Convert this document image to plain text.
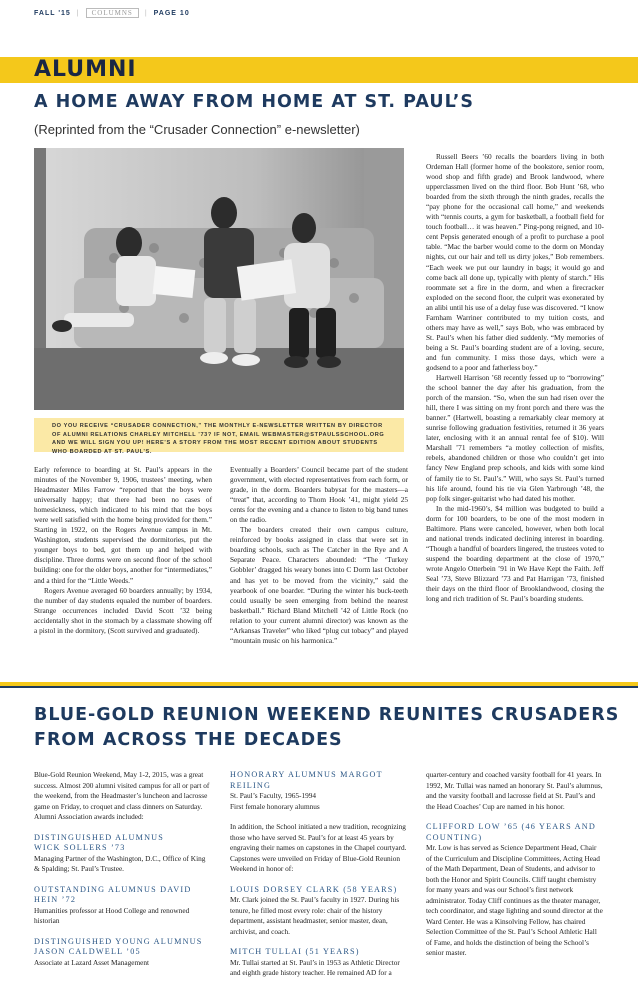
FALL '15 |	COLUMNS	| PAGE 10
ALUMNI
A HOME AWAY FROM HOME AT ST. PAUL’S
(Reprinted from the “Crusader Connection” e-newsletter)
DO YOU RECEIVE “CRUSADER CONNECTION,” THE MONTHLY E-NEWSLETTER WRITTEN BY DIRECTOR OF ALUMNI RELATIONS CHARLEY MITCHELL ’73? IF NOT, EMAIL WEBMASTER@STPAULSSCHOOL.ORG AND WE WILL SIGN YOU UP! HERE’S A STORY FROM THE MOST RECENT EDITION ABOUT STUDENTS WHO BOARDED AT ST. PAUL’S.

Early reference to boarding at St. Paul’s appears in the minutes of the November 9, 1906, trustees’ meeting, when Headmaster Miles Farrow “reported that the boys were universally happy; that there had been no cases of homesickness, which indicated to his mind that the boys were well satisfied with the home being provided for them.” Starting in 1922, on the Rogers Avenue campus in Mt. Washington, students supervised the dormitories, put the younger boys to bed, got them up and helped with discipline. Three dorms were on second floor of the school building: one for the older boys, another for “intermediates,” and a third for the “Little Weeds.”

Rogers Avenue averaged 60 boarders annually; by 1934, the number of day students equaled the number of boarders. Strange occurrences included David Scott ’32 being accidentally shot in the stomach by a classmate showing off a pistol in the dormitory, (Scott survived and graduated).

Eventually a Boarders’ Council became part of the student government, with elected representatives from each form, or grade, in the dorm. Boarders babysat for the masters—a “treat” that, according to Thom Hook ’41, might yield 25 cents for the evening and a chance to listen to big band tunes on the radio.

The boarders created their own campus culture, reinforced by books assigned in class that were set in boarding schools, such as The Catcher in the Rye and A Separate Peace. Characters abounded: “The ‘Turkey Gobbler’ dragged his weary bones into C Dorm last October and has yet to be moved from the vicinity,” said the yearbook of one boarder. “During the winter his buck-teeth could usually be seen emerging from behind the nearest basketball.” Richard Bland Mitchell ’42 of Little Rock (no relation to your current alumni director) was known as the “Arkansas Traveler” who liked “plug cut tobacy” and played “mountain music on his harmonica.”

Russell Beers ’60 recalls the boarders living in both Ordeman Hall (former home of the bookstore, senior room, wood shop and fifth grade) and Brook landwood, where upperclassmen lived on the third floor. Bob Hunt ’68, who boarded from the sixth through the ninth grades, recalls the “pay phone for the occasional call home,” and weekends with “tennis courts, a gym for basketball, a football field for touch football… it was heaven.” Ping-pong reigned, and 10-cent Pepsis generated enough of a profit to purchase a pool table. “Mac the barber would come to the dorm on Monday nights, cut our hair and tell us dirty jokes,” Bob remembers. “Each week we put our laundry in bags; it would go and come back all done up, typically with plenty of starch.” His roommate set a fire in the dorm, and when a firecracker exploded on the second floor, the culprit was exonerated by an alibi until his use of a delay fuse was discovered. “I know Farnham Warriner contributed to my tuition costs, and others may have as well,” says Bob, who was embraced by St. Paul’s when his father died suddenly. “My memories of being a St. Paul’s boarding student are of a loving, secure, and fun community. I miss those days, which were a godsend to a poor and fatherless boy.”

Hartwell Harrison ’68 recently fessed up to “borrowing” the school banner the day after his graduation, from the porch of the mansion. “So, when the sun had risen over the hill, there I was sitting on my front porch and there was the banner.” (Hartwell, boasting a remarkably clear memory at sunrise following graduation festivities, returned it 36 years later, enclosing with it an annual rental fee of $10). Will Marshall ’71 remembers “a motley collection of misfits, rebels, abandoned children or those who couldn’t get into fancy New England prep schools, and kids with some kind of family tie to St. Paul’s.” Will, who says St. Paul’s turned his life around, found his tie via Glen Yarbrough ’48, the pop folk singer-guitarist who had dated his mother.

In the mid-1960’s, $4 million was budgeted to build a dorm for 100 boarders, to be one of the most modern in Baltimore. Plans were canceled, however, when both local and national trends indicated declining interest in boarding. “Though a handful of boarders lingered, the trustees voted to suspend the boarding department at the close of 1970,” wrote Angelo Otterbein ’91 in We Have Kept the Faith. Jeff Seal ’73, Steve Blizzard ’73 and Pat Harrigan ’73, finished their days on the third floor of Brooklandwood, closing the long and rich tradition of St. Paul’s boarding students.

BLUE-GOLD REUNION WEEKEND REUNITES CRUSADERS
FROM ACROSS THE DECADES

Blue-Gold Reunion Weekend, May 1-2, 2015, was a great success. Almost 200 alumni visited campus for all or part of the weekend, from the Headmaster’s luncheon and lacrosse game on Friday, to croquet and class dinners on Saturday. Alumni Association awards included:

DISTINGUISHED ALUMNUS
WICK SOLLERS ’73

Managing Partner of the Washington, D.C., Office of King & Spalding; St. Paul’s Trustee.

OUTSTANDING ALUMNUS DAVID HEIN ’72

Humanities professor at Hood College and renowned historian

DISTINGUISHED YOUNG ALUMNUS
JASON CALDWELL ’05

Associate at Lazard Asset Management

HONORARY ALUMNUS MARGOT REILING

St. Paul’s Faculty, 1965-1994

First female honorary alumnus

In addition, the School initiated a new tradition, recognizing those who have served St. Paul’s for at least 45 years by engraving their names on capstones in the Chapel courtyard. Capstones were unveiled on Friday of Blue-Gold Reunion Weekend in honor of:

LOUIS DORSEY CLARK (58 YEARS)

Mr. Clark joined the St. Paul’s faculty in 1927. During his tenure, he filled most every role: chair of the history department, assistant headmaster, senior master, dean, archivist, and coach.

MITCH TULLAI (51 YEARS)

Mr. Tullai started at St. Paul’s in 1953 as Athletic Director and eighth grade history teacher. He remained AD for a

quarter-century and coached varsity football for 41 years. In 1992, Mr. Tullai was named an honorary St. Paul’s alumnus, and the varsity football and lacrosse field at St. Paul’s and the Head Coaches’ Cup are named in his honor.

CLIFFORD LOW ’65 (46 YEARS AND COUNTING)

Mr. Low is has served as Science Department Head, Chair of the Curriculum and Discipline Committees, Acting Head of the Math Department, Dean of Students, and advisor to both the Honor and Spirit Councils. Cliff taught chemistry for many years and was our School’s first network administrator. Today Cliff continues as the theater manager, tech coordinator, and stage lighting and sound director at the Ward Center. He was a Kinsolving Fellow, has chaired Selection Committee of the St. Paul’s School Athletic Hall of Fame, and holds the distinction of being the School’s senior master.
